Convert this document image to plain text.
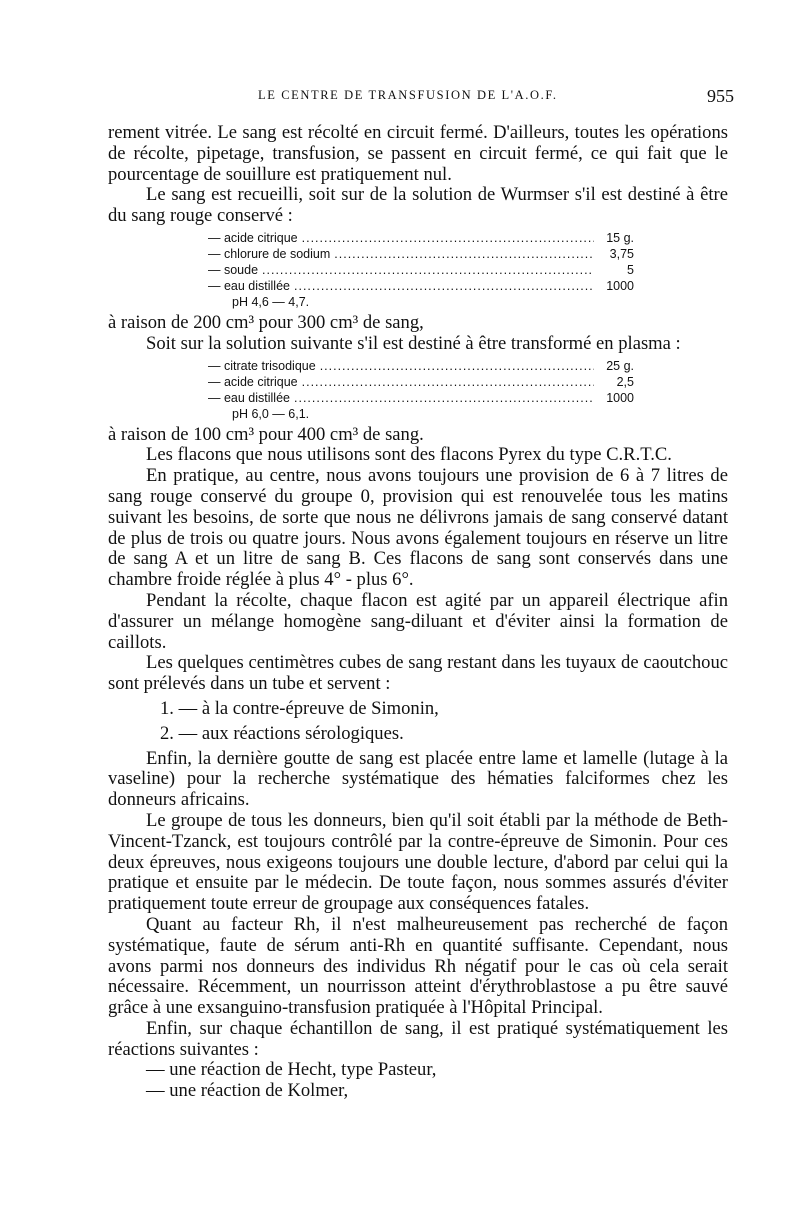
LE CENTRE DE TRANSFUSION DE L'A.O.F.	955

rement vitrée. Le sang est récolté en circuit fermé. D'ailleurs, toutes les opérations de récolte, pipetage, transfusion, se passent en circuit fermé, ce qui fait que le pourcentage de souillure est pratiquement nul.

Le sang est recueilli, soit sur de la solution de Wurmser s'il est destiné à être du sang rouge conservé :

— acide citrique .....	15 g.
— chlorure de sodium .....	3,75
— soude .....	5
— eau distillée .....	1000
pH 4,6 — 4,7.

à raison de 200 cm³ pour 300 cm³ de sang,

Soit sur la solution suivante s'il est destiné à être transformé en plasma :

— citrate trisodique .....	25 g.
— acide citrique .....	2,5
— eau distillée .....	1000
pH 6,0 — 6,1.

à raison de 100 cm³ pour 400 cm³ de sang.

Les flacons que nous utilisons sont des flacons Pyrex du type C.R.T.C.

En pratique, au centre, nous avons toujours une provision de 6 à 7 litres de sang rouge conservé du groupe 0, provision qui est renouvelée tous les matins suivant les besoins, de sorte que nous ne délivrons jamais de sang conservé datant de plus de trois ou quatre jours. Nous avons également toujours en réserve un litre de sang A et un litre de sang B. Ces flacons de sang sont conservés dans une chambre froide réglée à plus 4° - plus 6°.

Pendant la récolte, chaque flacon est agité par un appareil électrique afin d'assurer un mélange homogène sang-diluant et d'éviter ainsi la formation de caillots.

Les quelques centimètres cubes de sang restant dans les tuyaux de caoutchouc sont prélevés dans un tube et servent :

1. — à la contre-épreuve de Simonin,
2. — aux réactions sérologiques.

Enfin, la dernière goutte de sang est placée entre lame et lamelle (lutage à la vaseline) pour la recherche systématique des hématies falciformes chez les donneurs africains.

Le groupe de tous les donneurs, bien qu'il soit établi par la méthode de Beth-Vincent-Tzanck, est toujours contrôlé par la contre-épreuve de Simonin. Pour ces deux épreuves, nous exigeons toujours une double lecture, d'abord par celui qui la pratique et ensuite par le médecin. De toute façon, nous sommes assurés d'éviter pratiquement toute erreur de groupage aux conséquences fatales.

Quant au facteur Rh, il n'est malheureusement pas recherché de façon systématique, faute de sérum anti-Rh en quantité suffisante. Cependant, nous avons parmi nos donneurs des individus Rh négatif pour le cas où cela serait nécessaire. Récemment, un nourrisson atteint d'érythroblastose a pu être sauvé grâce à une exsanguino-transfusion pratiquée à l'Hôpital Principal.

Enfin, sur chaque échantillon de sang, il est pratiqué systématiquement les réactions suivantes :

— une réaction de Hecht, type Pasteur,
— une réaction de Kolmer,
